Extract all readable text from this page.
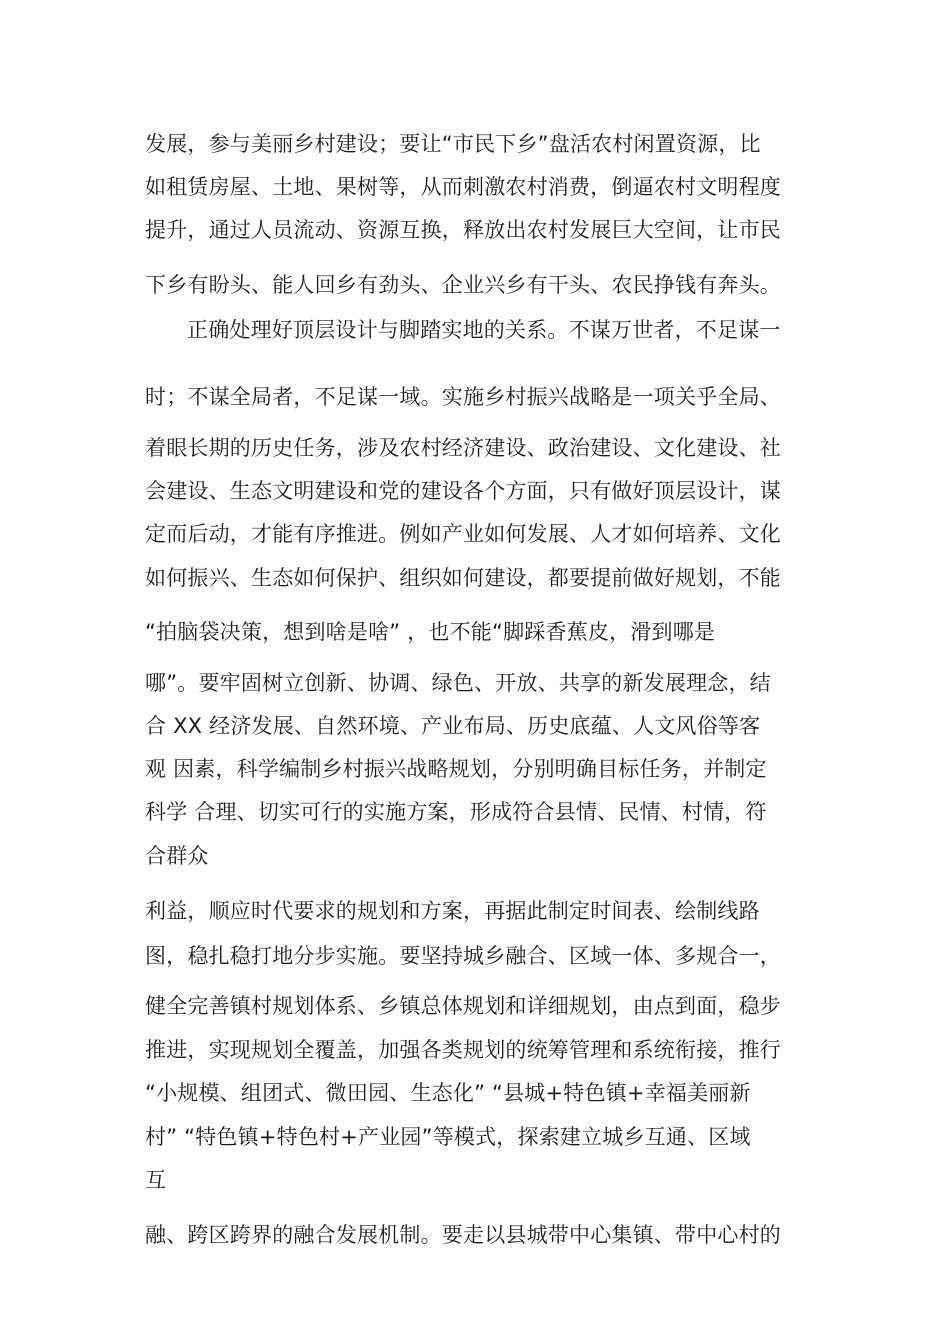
发展，参与美丽乡村建设；要让“市民下乡”盘活农村闲置资源，比
如租赁房屋、土地、果树等，从而刺激农村消费，倒逼农村文明程度
提升，通过人员流动、资源互换，释放出农村发展巨大空间，让市民
下乡有盼头、能人回乡有劲头、企业兴乡有干头、农民挣钱有奔头。
正确处理好顶层设计与脚踏实地的关系。不谋万世者，不足谋一
时；不谋全局者，不足谋一域。实施乡村振兴战略是一项关乎全局、
着眼长期的历史任务，涉及农村经济建设、政治建设、文化建设、社
会建设、生态文明建设和党的建设各个方面，只有做好顶层设计，谋
定而后动，才能有序推进。例如产业如何发展、人才如何培养、文化
如何振兴、生态如何保护、组织如何建设，都要提前做好规划，不能
“拍脑袋决策，想到啥是啥” ，也不能“脚踩香蕉皮，滑到哪是
哪”。要牢固树立创新、协调、绿色、开放、共享的新发展理念，结
合 XX 经济发展、自然环境、产业布局、历史底蕴、人文风俗等客
观 因素，科学编制乡村振兴战略规划，分别明确目标任务，并制定
科学 合理、切实可行的实施方案，形成符合县情、民情、村情，符
合群众
利益，顺应时代要求的规划和方案，再据此制定时间表、绘制线路
图，稳扎稳打地分步实施。要坚持城乡融合、区域一体、多规合一，
健全完善镇村规划体系、乡镇总体规划和详细规划，由点到面，稳步
推进，实现规划全覆盖，加强各类规划的统筹管理和系统衔接，推行
“小规模、组团式、微田园、生态化” “县城+特色镇+幸福美丽新
村” “特色镇+特色村+产业园”等模式，探索建立城乡互通、区域
互
融、跨区跨界的融合发展机制。要走以县城带中心集镇、带中心村的
